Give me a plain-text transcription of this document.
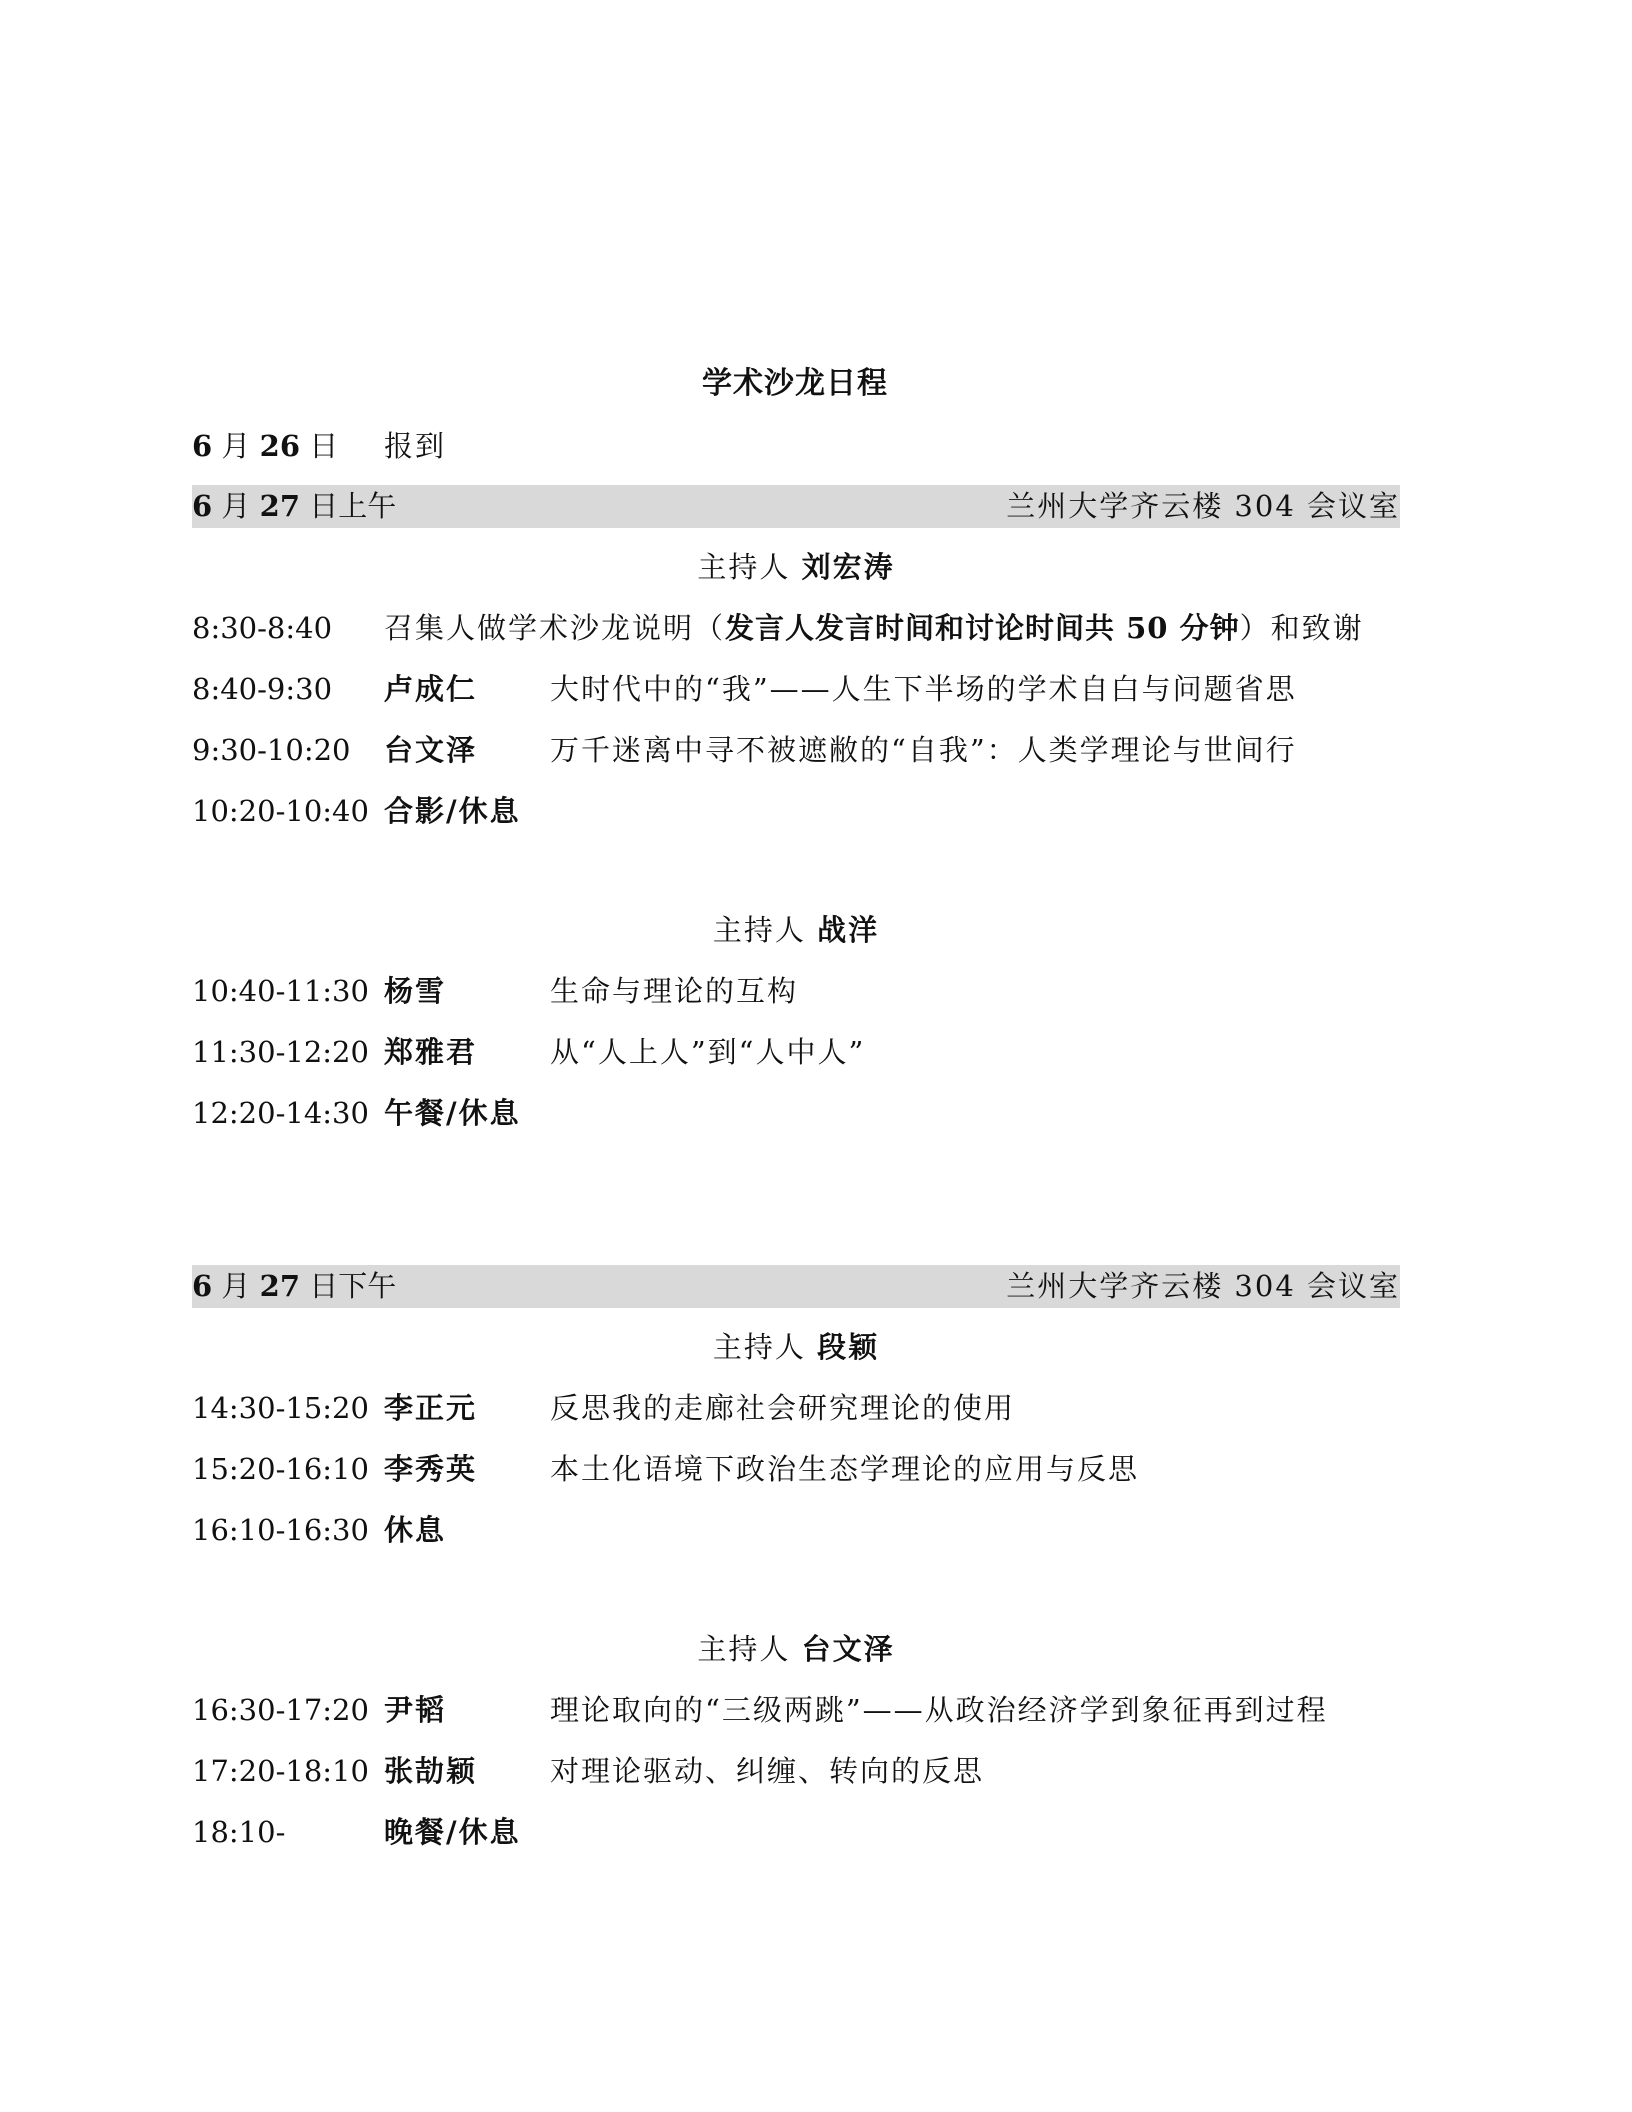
学术沙龙日程
6 月 26 日 报到
6 月 27 日上午	兰州大学齐云楼 304 会议室
主持人 刘宏涛
8:30-8:40 召集人做学术沙龙说明（发言人发言时间和讨论时间共 50 分钟）和致谢
8:40-9:30 卢成仁	大时代中的“我”——人生下半场的学术自白与问题省思
9:30-10:20 台文泽	万千迷离中寻不被遮敝的“自我”：人类学理论与世间行
10:20-10:40 合影/休息
主持人 战洋
10:40-11:30 杨雪	生命与理论的互构
11:30-12:20 郑雅君	从“人上人”到“人中人”
12:20-14:30 午餐/休息
6 月 27 日下午	兰州大学齐云楼 304 会议室
主持人 段颖
14:30-15:20 李正元	反思我的走廊社会研究理论的使用
15:20-16:10 李秀英	本土化语境下政治生态学理论的应用与反思
16:10-16:30 休息
主持人 台文泽
16:30-17:20 尹韬	理论取向的“三级两跳”——从政治经济学到象征再到过程
17:20-18:10 张劼颖	对理论驱动、纠缠、转向的反思
18:10-	晚餐/休息
